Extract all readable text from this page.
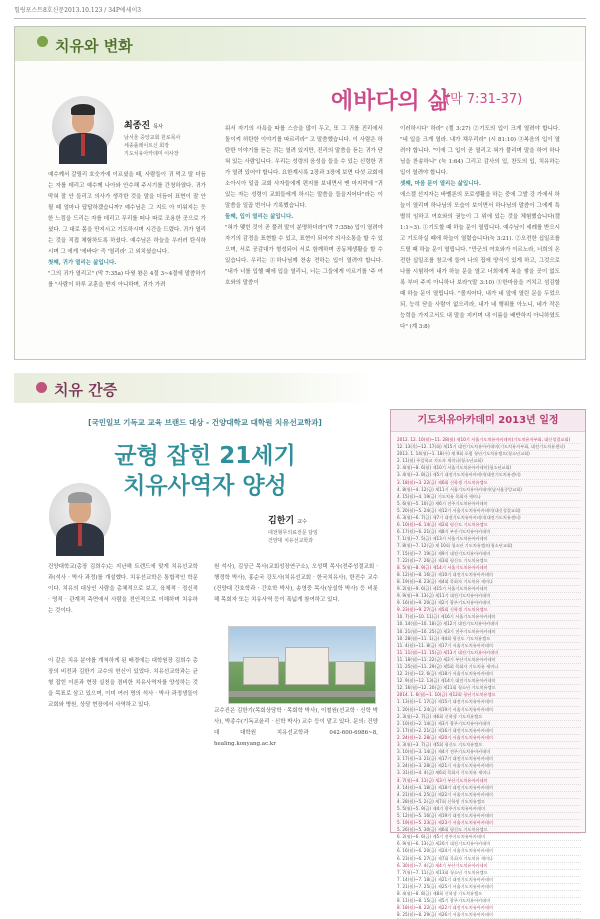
힐링포스트8호신문2013.10.123 / 34P에세이3
치유와 변화
에바다의 삶
(막 7:31-37)
최종진 목사
남서울 중앙교회 원로목사
세종플레이트신 회장
기도치유아카데미 이사장
예수께서 갈릴리 호숫가에 이르셨을 때, 사람들이 귀 먹고 말 더듬는 자를 데리고 예수께 나아와 안수해 주시기를 간청하였다. 귀가 막혀 잘 안 들리고 의사가 생각한 것을 말을 더듬어 표현이 잘 안 될 때 얼마나 답답하겠습니까? 예수님은 그 지도 아 미워지는 듯 한 느낌을 드리는 자를 데리고 무리를 떠나 따로 조용한 곳으로 가셨다. 그 대로 몸을 만지시고 기도하시며 시간을 드렸다. 귀가 열리는 것을 직접 체험하도록 하셨다. 예수님은 하늘을 우러러 탄식하시며 그 에게 '에바다' 즉 '열리라' 고 외치셨습니다.
첫째, 귀가 열리는 삶입니다.
"그의 귀가 열리고" (막 7:35a) 다윗 왕은 4절 3~4절에 말씀하기를 "사람이 하루 교훈을 받지 아니하며, 귀가 가려
워서 자기의 사욕을 따를 스승을 많이 두고, 또 그 귀를 진리에서 돌이켜 허탄한 이야기를 따르리라" 고 말씀했습니다. 이 사람은 하탄한 이야기를 듣는 귀는 열려 있지만, 진리의 말씀을 듣는 귀가 닫혀 있는 사람입니다. 우리는 성령의 음성을 들을 수 있는 신령한 귀가 열려 있어야 합니다. 요한계시록 2장과 3장에 보면 다섯 교회에 소아시아 일곱 교회 사자들에게 편지를 보내면서 맨 마지막에 "귀 있는 자는 성령이 교회들에게 하시는 말씀을 들을지어다"라는 이 말씀을 일곱 번이나 기록했습니다.
둘째, 입이 열리는 삶입니다.
"혀가 맺힌 것이 곧 풀려 말이 분명하더라"(막 7:35b) 입이 열려야 자기의 감정을 표현할 수 있고, 표현이 되어야 의사소통을 할 수 있으며, 서로 공감대가 형성되어 서로 함께하며 공동체생활을 할 수 있습니다. 우리는 ①하나님께 찬송 전하는 입이 열려야 합니다. "내가 너를 입헬 때에 입을 열리니, 너는 그들에게 이르기를 '주 여호와의 말씀이
이러하시다' 하라" (겔 3:27) ②기도의 입이 크게 열려야 합니다. "네 입을 크게 열라. 내가 채우리라" (시 81:10) ③복음의 입이 열려야 합니다. "이에 그 입이 곧 열리고 혀가 풀리며 말을 하여 하나님을 찬송하니" (눅 1:64) 그리고 감사의 입, 찬도의 입, 치유하는 입이 열려야 합니다.
셋째, 마음 문이 열리는 삶입니다.
에스겔 선지자는 바벨론의 포로생활을 하는 중에 그발 강 가에서 하늘이 열리며 하나님의 모습이 보이면서 하나님의 말씀이 그에게 특별히 임하고 여호와의 권능이 그 위에 있는 것을 체험했습니다(겔 1:1~3). ①기도할 때 하늘 문이 열립니다. 예수님이 세례를 받으시고 기도하실 때에 하늘이 열렸습니다(눅 3:21). ②오전한 십일조를 드릴 때 하늘 문이 열립니다. "만군의 여호와가 이르노라, 너희의 온전한 십일조를 창고에 들여 나의 집에 양식이 있게 하고, 그것으로 나를 시험하여 내가 하늘 문을 열고 너희에게 복을 쌓을 곳이 없도록 부어 주지 아니하나 보라"(말 3:10) ③한마음을 거치고 섬김할 때 하늘 문이 열립니다. "볼지어다, 내가 네 앞에 열린 문을 두었으되, 능히 닫을 사람이 없으리라, 내가 네 행위를 아노니, 네가 작은 능력을 가지고서도 내 말을 지키며 내 이름을 배반하지 아니하였도다" (계 3:8)
치유 간증
[국민일보 기독교 교육 브랜드 대상 - 건양대학교 대학원 치유선교학과]
균형 잡힌 21세기
치유사역자 양성
김한기 교수
대전형무의료전문 담임
건양대 치유선교학과
건양대학교(총장 김희수)는 지난해 트렌드에 맞게 치유선교학과(석사 · 박사 과정)를 개설했다. 치유선교학은 통합적인 학문이다. 치유의 대상인 사람을 총체적으로 보고, 육체적 · 정신적 · 영적 · 관계적 측면에서 사람을 전인적으로 이해하며 치유하는 것이다.
원 석사), 김상근 목사(교회성장연구소), 오성택 목사(전주성결교회 · 행정학 박사), 홍순국 강도사(치유선교회 · 한국치유사), 한진수 교수(건양대 간호학과 · 간호학 박사), 송영중 목사(상설학 박사) 등 비롯해 목회자 또는 치유사역 등이 폭넓게 참여하고 있다.
이 같은 치유 분야를 개척하게 된 배경에는 대학원장 김희수 총장의 비전과 김한기 교수의 헌신이 있었다. 치유선교학과는 균형 잡힌 이론과 현장 실천을 겸비한 치유사역자를 양성하는 것을 목표로 삼고 있으며, 이미 여러 명의 석사 · 박사 과정생들이 교회와 병원, 상담 현장에서 사역하고 있다.
교수진은 김한기(목회상담학 · 목회학 박사), 이철원(선교학 · 신학 박사), 박종수(기독교윤리 · 신학 박사) 교수 등이 맡고 있다. 문의: 건양대 대학원 치유선교학과 042-600-6986~8, healing.konyang.ac.kr
기도치유아카데미 2013년 일정
2012. 12. 10(월)~11. 28(월) 제10기 서울기도치유아카데미(기도치유자부회, 대신성결교회)
12. 13(목)~12. 17(화) 제15기 대전기도치유아카데미(기도치유자부회, 대전기도치유센터)
2013. 1. 14(월)~1. 18(수) 제 9회 포럼 청년기도치유캠프(청소년교회)
2. 11(월) 주일학교 지도자 세미나(청소년교회)
2. 4(월)~8. 6(월) 제10기 서울기도치유아카데미(청소년교회)
3. 4(월)~3. 8(금) 제5기 대전기도치유아카데미(대전기도치유센터)
3. 18(월)~3. 22(금) 제6회 신학생 기도치유캠프
4. 8(월)~4. 12(금) 제11기 서울기도치유아카데미(남서울중앙교회)
4. 15(월)~4. 19(금) 기도치유 목회자 세미나
5. 6(월)~5. 10(금) 제6기 전주기도치유아카데미
5. 20(월)~5. 24(금) 제12기 서울기도치유아카데미(대신성결교회)
6. 3(월)~6. 7(금) 제7기 대전기도치유아카데미(대전기도치유센터)
6. 10(월)~6. 14(금) 제2회 평신도 기도치유캠프
6. 17(월)~6. 21(금) 제8기 부산기도치유아카데미
7. 1(월)~7. 5(금) 제13기 서울기도치유아카데미
7. 8(월)~7. 12(금) 제 10회 청소년 기도치유캠프(청소년교회)
7. 15(월)~7. 19(금) 제9기 대전기도치유아카데미
7. 22(월)~7. 26(금) 제3회 평신도 기도치유캠프
8. 5(월)~8. 9(금) 제14기 서울기도치유아카데미
8. 12(월)~8. 16(금) 제10기 대전기도치유아카데미
8. 19(월)~8. 23(금) 제4회 목회자 기도치유 세미나
9. 2(월)~9. 6(금) 제15기 서울기도치유아카데미
9. 9(월)~9. 13(금) 제11기 대전기도치유아카데미
9. 16(월)~9. 20(금) 제2기 광주기도치유아카데미
9. 23(월)~9. 27(금) 제5회 신학생 기도치유캠프
10. 7(월)~10. 11(금) 제16기 서울기도치유아카데미
10. 14(월)~10. 18(금) 제12기 대전기도치유아카데미
10. 21(월)~10. 25(금) 제3기 전주기도치유아카데미
10. 28(월)~11. 1(금) 제4회 평신도 기도치유캠프
11. 4(월)~11. 8(금) 제17기 서울기도치유아카데미
11. 11(월)~11. 15(금) 제13기 대전기도치유아카데미
11. 18(월)~11. 22(금) 제2기 부산기도치유아카데미
11. 25(월)~11. 29(금) 제5회 목회자 기도치유 세미나
12. 2(월)~12. 6(금) 제18기 서울기도치유아카데미
12. 9(월)~12. 13(금) 제14기 대전기도치유아카데미
12. 16(월)~12. 20(금) 제11회 청소년 기도치유캠프
2014. 1. 6(월)~1. 10(금) 제12회 청년기도치유캠프
1. 13(월)~1. 17(금) 제15기 대전기도치유아카데미
1. 20(월)~1. 24(금) 제19기 서울기도치유아카데미
2. 3(월)~2. 7(금) 제6회 신학생 기도치유캠프
2. 10(월)~2. 14(금) 제3기 광주기도치유아카데미
2. 17(월)~2. 21(금) 제16기 대전기도치유아카데미
2. 24(월)~2. 28(금) 제20기 서울기도치유아카데미
3. 3(월)~3. 7(금) 제5회 평신도 기도치유캠프
3. 10(월)~3. 14(금) 제4기 전주기도치유아카데미
3. 17(월)~3. 21(금) 제17기 대전기도치유아카데미
3. 24(월)~3. 28(금) 제21기 서울기도치유아카데미
3. 31(월)~4. 4(금) 제6회 목회자 기도치유 세미나
4. 7(월)~4. 11(금) 제3기 부산기도치유아카데미
4. 14(월)~4. 18(금) 제18기 대전기도치유아카데미
4. 21(월)~4. 25(금) 제22기 서울기도치유아카데미
4. 28(월)~5. 2(금) 제7회 신학생 기도치유캠프
5. 5(월)~5. 9(금) 제4기 광주기도치유아카데미
5. 12(월)~5. 16(금) 제19기 대전기도치유아카데미
5. 19(월)~5. 23(금) 제23기 서울기도치유아카데미
5. 26(월)~5. 30(금) 제6회 평신도 기도치유캠프
6. 2(월)~6. 6(금) 제5기 전주기도치유아카데미
6. 9(월)~6. 13(금) 제20기 대전기도치유아카데미
6. 16(월)~6. 20(금) 제24기 서울기도치유아카데미
6. 23(월)~6. 27(금) 제7회 목회자 기도치유 세미나
6. 30(월)~7. 4(금) 제4기 부산기도치유아카데미
7. 7(월)~7. 11(금) 제13회 청소년 기도치유캠프
7. 14(월)~7. 18(금) 제21기 대전기도치유아카데미
7. 21(월)~7. 25(금) 제25기 서울기도치유아카데미
8. 4(월)~8. 8(금) 제8회 신학생 기도치유캠프
8. 11(월)~8. 15(금) 제5기 광주기도치유아카데미
8. 18(월)~8. 22(금) 제22기 대전기도치유아카데미
8. 25(월)~8. 29(금) 제26기 서울기도치유아카데미
